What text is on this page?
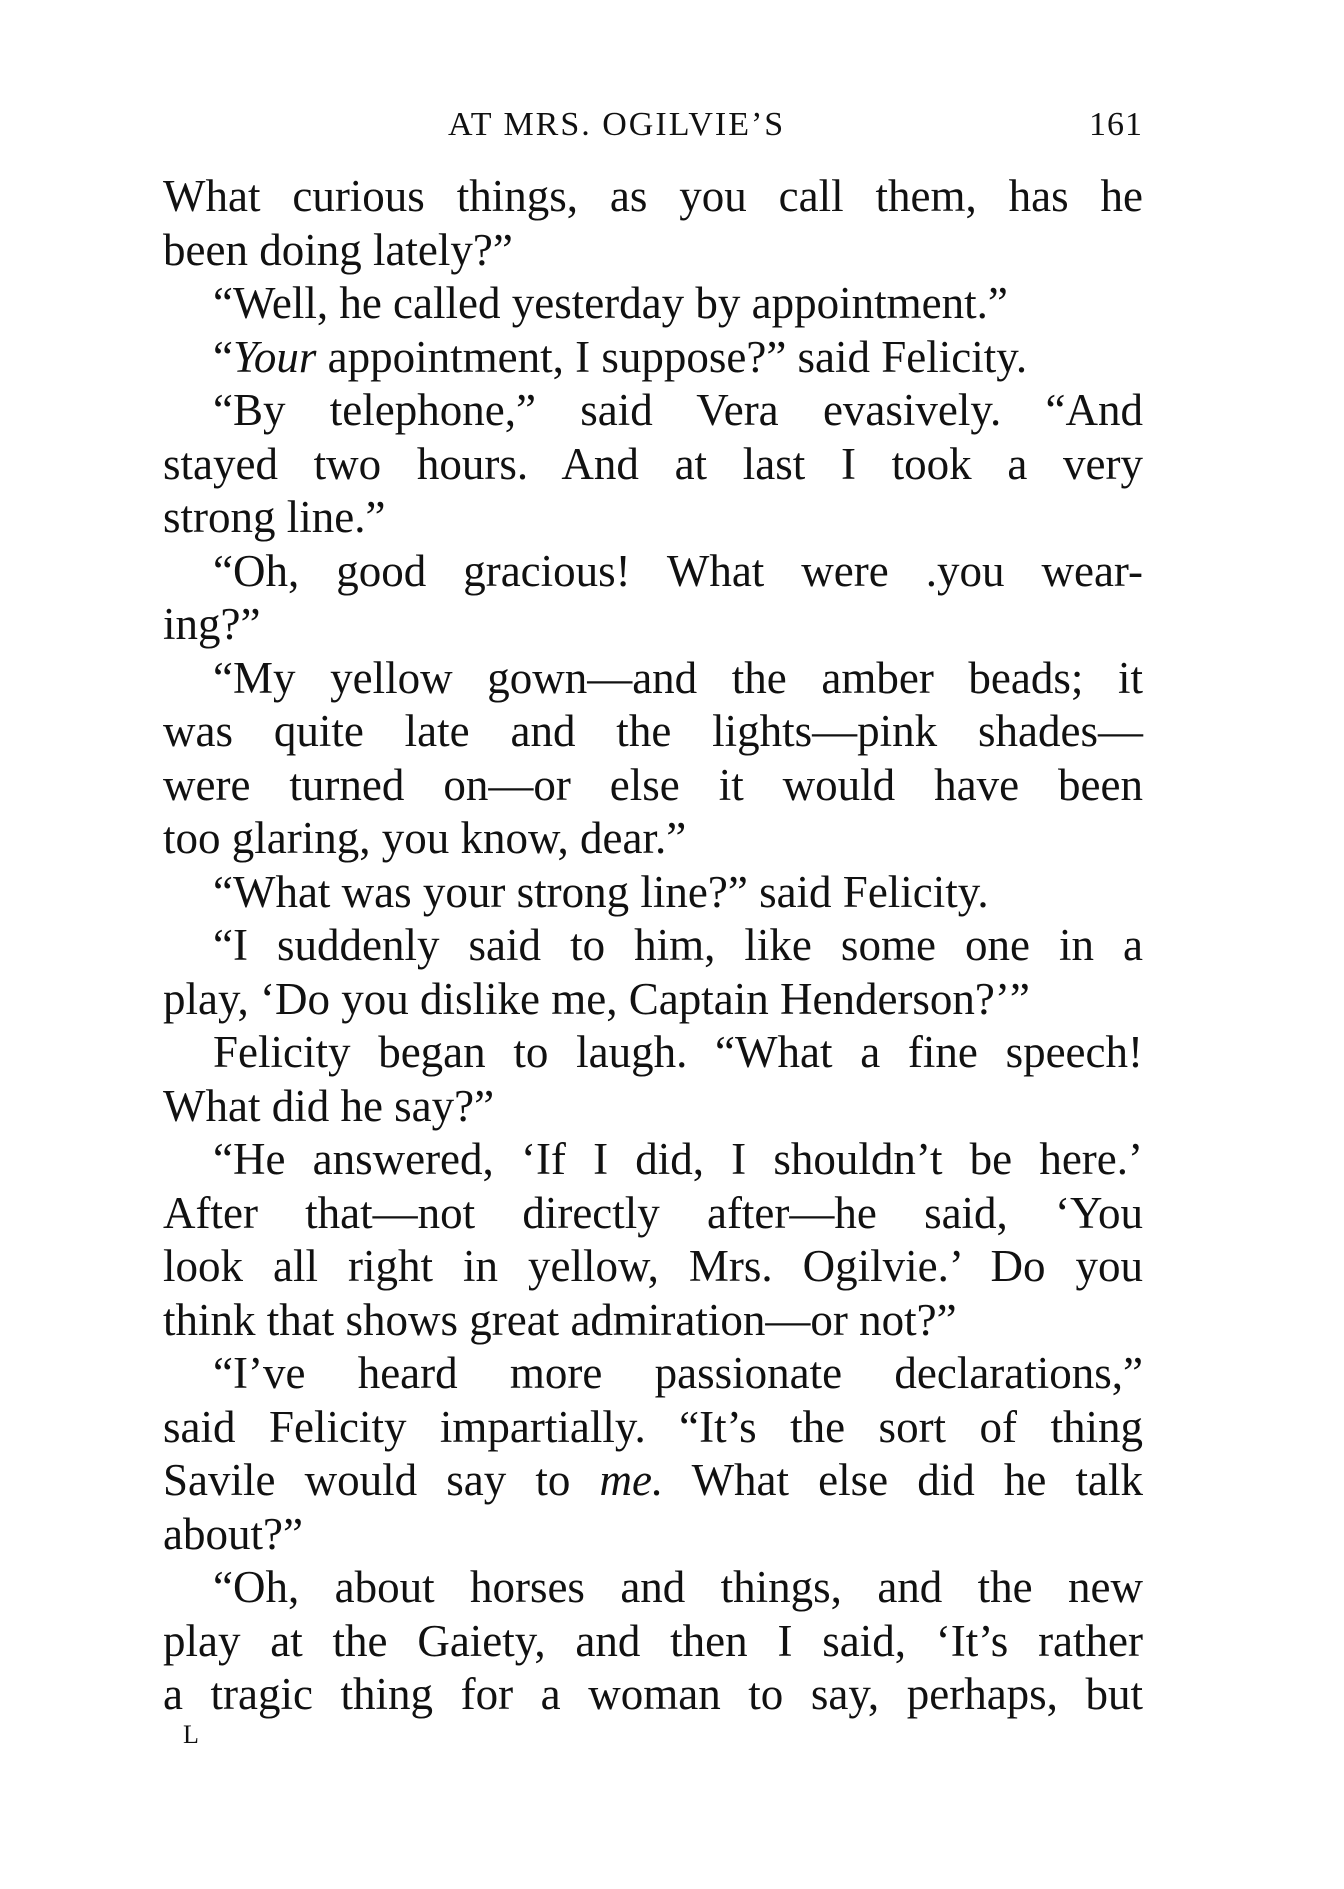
AT MRS. OGILVIE’S	161
What curious things, as you call them, has he
been doing lately?”
“Well, he called yesterday by appointment.”
“Your appointment, I suppose?” said Felicity.
“By telephone,” said Vera evasively. “And
stayed two hours. And at last I took a very
strong line.”
“Oh, good gracious! What were .you wear-
ing?”
“My yellow gown—and the amber beads; it
was quite late and the lights—pink shades—
were turned on—or else it would have been
too glaring, you know, dear.”
“What was your strong line?” said Felicity.
“I suddenly said to him, like some one in a
play, ‘Do you dislike me, Captain Henderson?’”
Felicity began to laugh. “What a fine speech!
What did he say?”
“He answered, ‘If I did, I shouldn’t be here.’
After that—not directly after—he said, ‘You
look all right in yellow, Mrs. Ogilvie.’ Do you
think that shows great admiration—or not?”
“I’ve heard more passionate declarations,”
said Felicity impartially. “It’s the sort of thing
Savile would say to me. What else did he talk
about?”
“Oh, about horses and things, and the new
play at the Gaiety, and then I said, ‘It’s rather
a tragic thing for a woman to say, perhaps, but
L
